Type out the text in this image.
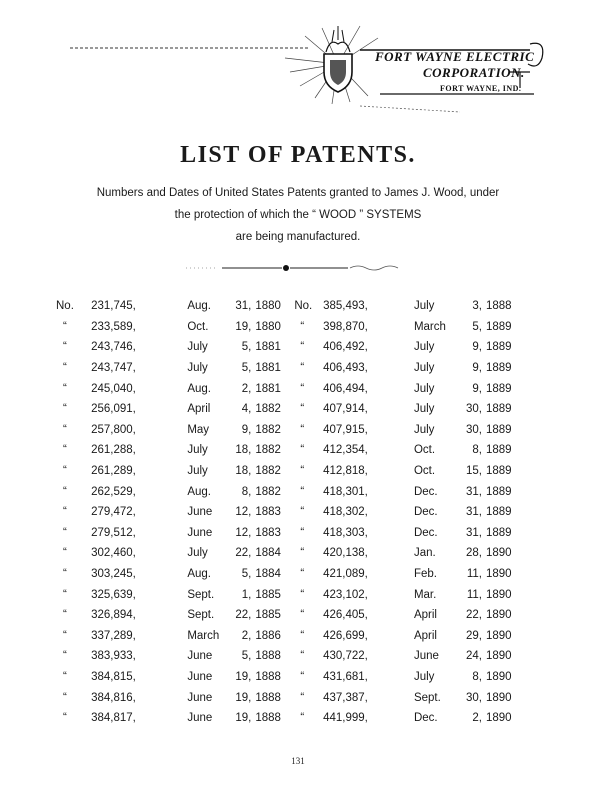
FORT WAYNE ELECTRIC
CORPORATION.
FORT WAYNE, IND.
LIST OF PATENTS.
Numbers and Dates of United States Patents granted to James J. Wood, under
the protection of which the “ WOOD ” SYSTEMS
are being manufactured.
No.	231,745,	Aug. 31, 1880	No.	385,493,	July 3, 1888
“	233,589,	Oct. 19, 1880	“	398,870,	March 5, 1889
“	243,746,	July 5, 1881	“	406,492,	July 9, 1889
“	243,747,	July 5, 1881	“	406,493,	July 9, 1889
“	245,040,	Aug. 2, 1881	“	406,494,	July 9, 1889
“	256,091,	April 4, 1882	“	407,914,	July 30, 1889
“	257,800,	May 9, 1882	“	407,915,	July 30, 1889
“	261,288,	July 18, 1882	“	412,354,	Oct. 8, 1889
“	261,289,	July 18, 1882	“	412,818,	Oct. 15, 1889
“	262,529,	Aug. 8, 1882	“	418,301,	Dec. 31, 1889
“	279,472,	June 12, 1883	“	418,302,	Dec. 31, 1889
“	279,512,	June 12, 1883	“	418,303,	Dec. 31, 1889
“	302,460,	July 22, 1884	“	420,138,	Jan. 28, 1890
“	303,245,	Aug. 5, 1884	“	421,089,	Feb. 11, 1890
“	325,639,	Sept. 1, 1885	“	423,102,	Mar. 11, 1890
“	326,894,	Sept. 22, 1885	“	426,405,	April 22, 1890
“	337,289,	March 2, 1886	“	426,699,	April 29, 1890
“	383,933,	June 5, 1888	“	430,722,	June 24, 1890
“	384,815,	June 19, 1888	“	431,681,	July 8, 1890
“	384,816,	June 19, 1888	“	437,387,	Sept. 30, 1890
“	384,817,	June 19, 1888	“	441,999,	Dec. 2, 1890
131
